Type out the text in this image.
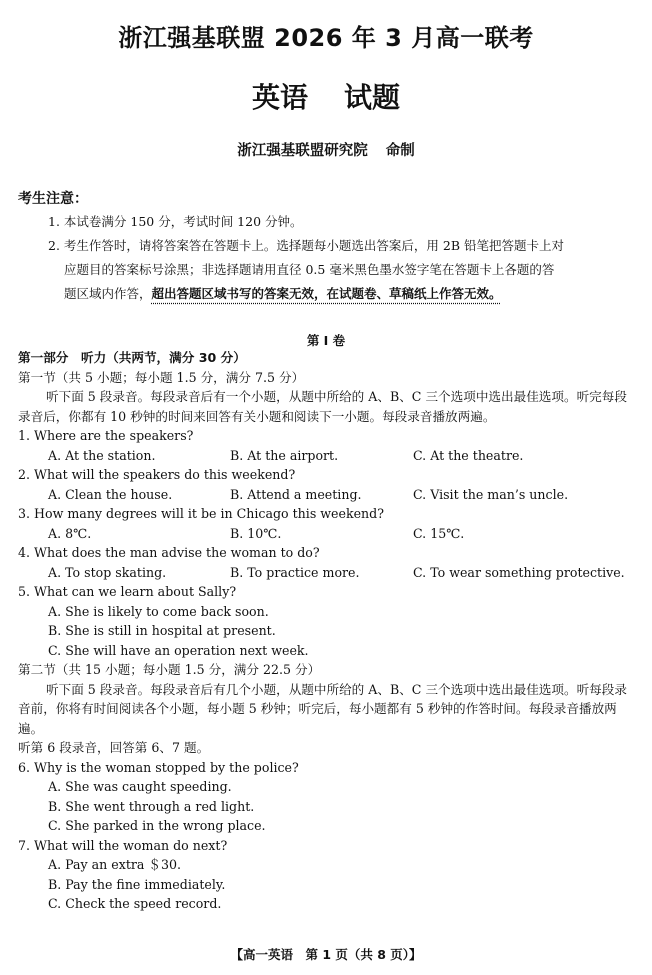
浙江强基联盟 2026 年 3 月高一联考
英语 试题
浙江强基联盟研究院 命制
考生注意：
1. 本试卷满分 150 分，考试时间 120 分钟。
2. 考生作答时，请将答案答在答题卡上。选择题每小题选出答案后，用 2B 铅笔把答题卡上对
应题目的答案标号涂黑；非选择题请用直径 0.5 毫米黑色墨水签字笔在答题卡上各题的答
题区域内作答，超出答题区域书写的答案无效，在试题卷、草稿纸上作答无效。
第 Ⅰ 卷
第一部分　听力（共两节，满分 30 分）
第一节（共 5 小题；每小题 1.5 分，满分 7.5 分）
听下面 5 段录音。每段录音后有一个小题，从题中所给的 A、B、C 三个选项中选出最佳选项。听完每段录音后，你都有 10 秒钟的时间来回答有关小题和阅读下一小题。每段录音播放两遍。
1. Where are the speakers?
A. At the station.	B. At the airport.	C. At the theatre.
2. What will the speakers do this weekend?
A. Clean the house.	B. Attend a meeting.	C. Visit the man’s uncle.
3. How many degrees will it be in Chicago this weekend?
A. 8℃.	B. 10℃.	C. 15℃.
4. What does the man advise the woman to do?
A. To stop skating.	B. To practice more.	C. To wear something protective.
5. What can we learn about Sally?
A. She is likely to come back soon.
B. She is still in hospital at present.
C. She will have an operation next week.
第二节（共 15 小题；每小题 1.5 分，满分 22.5 分）
听下面 5 段录音。每段录音后有几个小题，从题中所给的 A、B、C 三个选项中选出最佳选项。听每段录音前，你将有时间阅读各个小题，每小题 5 秒钟；听完后，每小题都有 5 秒钟的作答时间。每段录音播放两遍。
听第 6 段录音，回答第 6、7 题。
6. Why is the woman stopped by the police?
A. She was caught speeding.
B. She went through a red light.
C. She parked in the wrong place.
7. What will the woman do next?
A. Pay an extra ＄30.
B. Pay the fine immediately.
C. Check the speed record.
【高一英语　第 1 页（共 8 页）】
